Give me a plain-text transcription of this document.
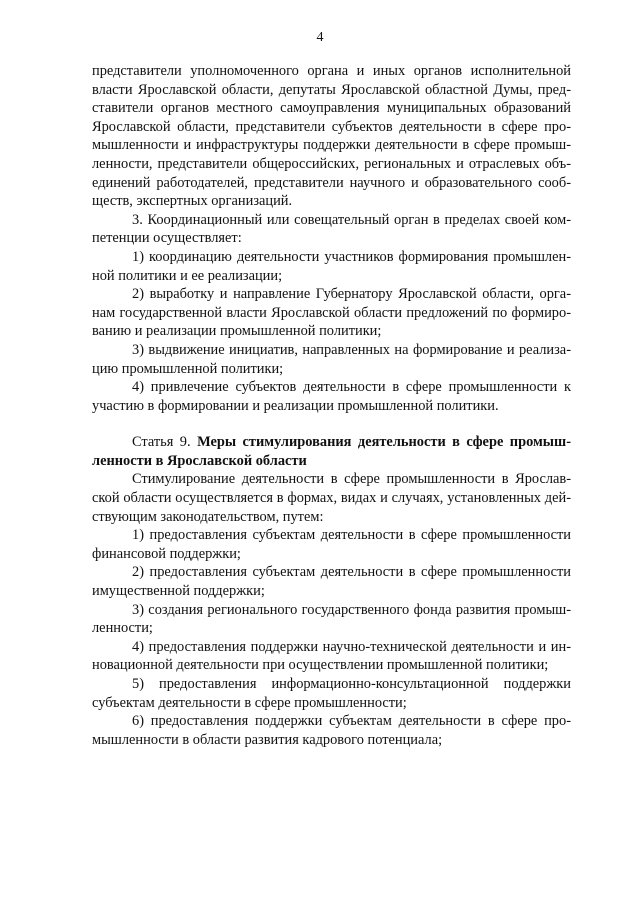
4

представители уполномоченного органа и иных органов исполнительной власти Ярославской области, депутаты Ярославской областной Думы, представители органов местного самоуправления муниципальных образований Ярославской области, представители субъектов деятельности в сфере промышленности и инфраструктуры поддержки деятельности в сфере промышленности, представители общероссийских, региональных и отраслевых объединений работодателей, представители научного и образовательного сообществ, экспертных организаций.

3. Координационный или совещательный орган в пределах своей компетенции осуществляет:

1) координацию деятельности участников формирования промышленной политики и ее реализации;

2) выработку и направление Губернатору Ярославской области, органам государственной власти Ярославской области предложений по формированию и реализации промышленной политики;

3) выдвижение инициатив, направленных на формирование и реализацию промышленной политики;

4) привлечение субъектов деятельности в сфере промышленности к участию в формировании и реализации промышленной политики.

Статья 9. Меры стимулирования деятельности в сфере промышленности в Ярославской области

Стимулирование деятельности в сфере промышленности в Ярославской области осуществляется в формах, видах и случаях, установленных действующим законодательством, путем:

1) предоставления субъектам деятельности в сфере промышленности финансовой поддержки;

2) предоставления субъектам деятельности в сфере промышленности имущественной поддержки;

3) создания регионального государственного фонда развития промышленности;

4) предоставления поддержки научно-технической деятельности и инновационной деятельности при осуществлении промышленной политики;

5) предоставления информационно-консультационной поддержки субъектам деятельности в сфере промышленности;

6) предоставления поддержки субъектам деятельности в сфере промышленности в области развития кадрового потенциала;
